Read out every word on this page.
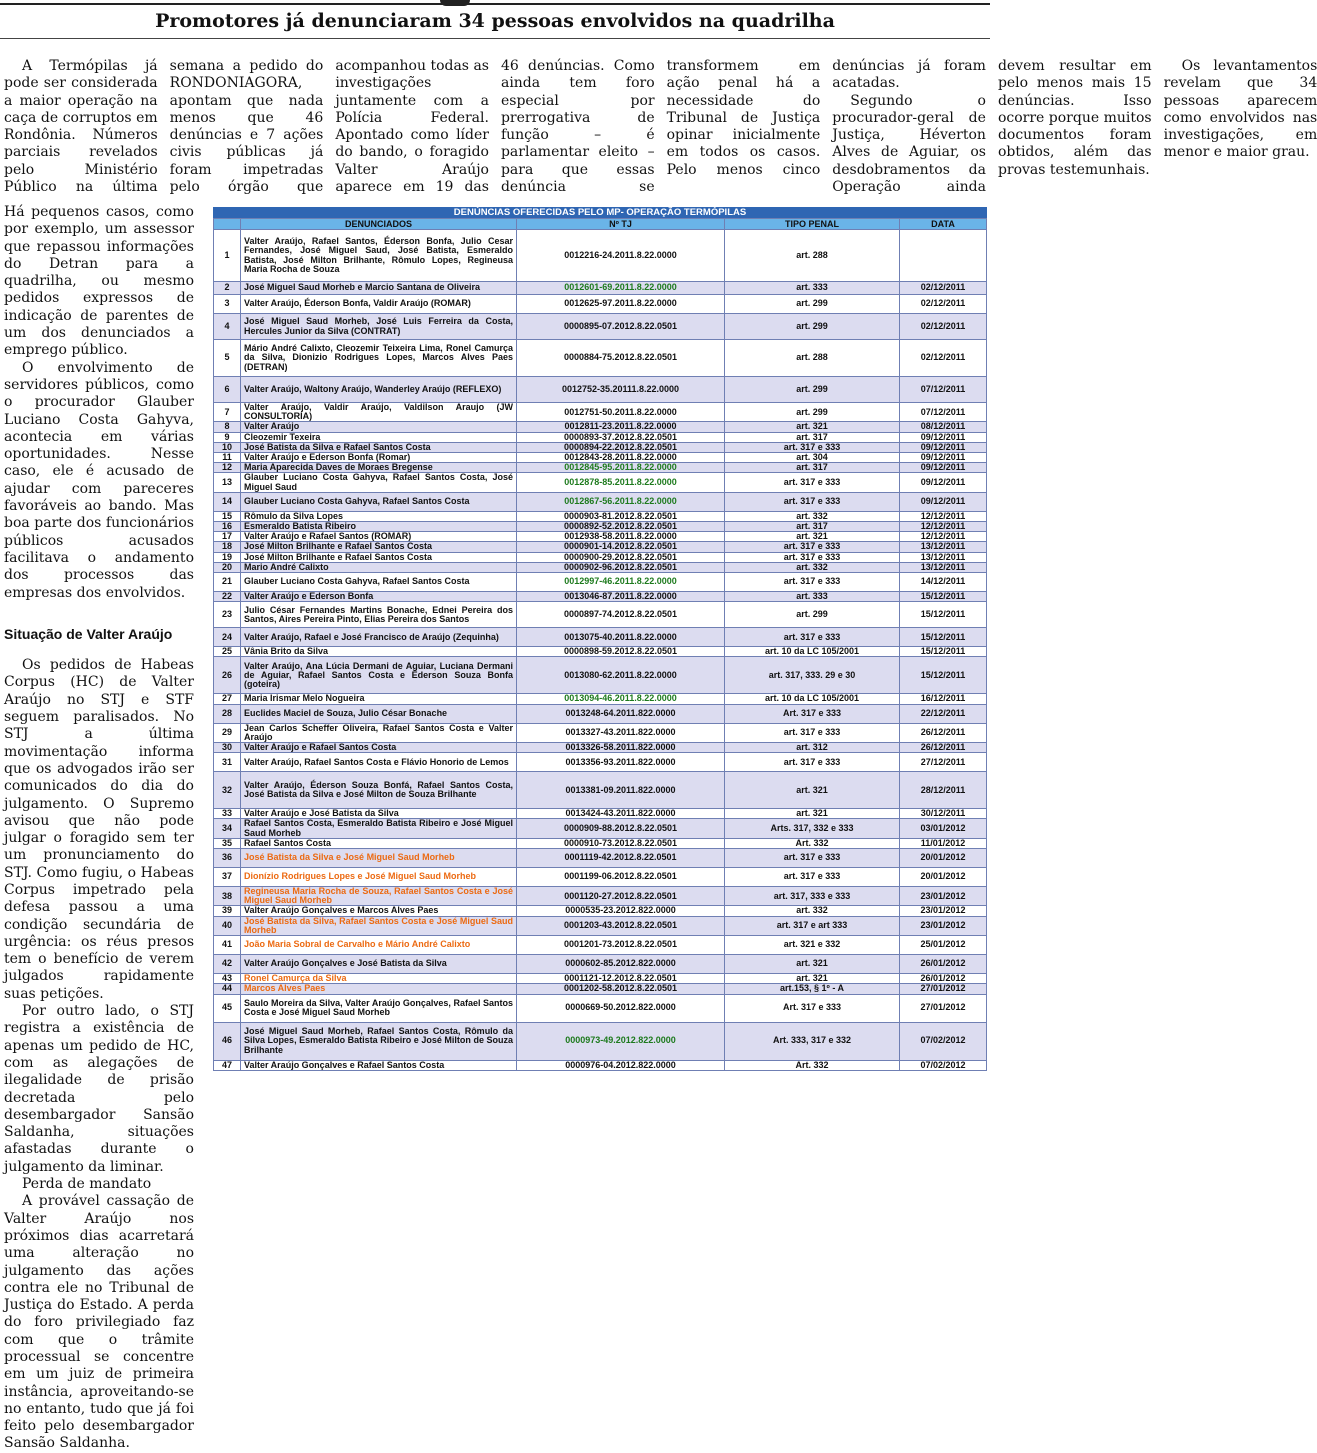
Promotores já denunciaram 34 pessoas envolvidos na quadrilha

A Termópilas já pode ser considerada a maior operação na caça de corruptos em Rondônia. Números parciais revelados pelo Ministério Público na última semana a pedido do RONDONIAGORA, apontam que nada menos que 46 denúncias e 7 ações civis públicas já foram impetradas pelo órgão que acompanhou todas as investigações juntamente com a Polícia Federal. Apontado como líder do bando, o foragido Valter Araújo aparece em 19 das 46 denúncias. Como ainda tem foro especial por prerrogativa de função – é parlamentar eleito – para que essas denúncia se transformem em ação penal há a necessidade do Tribunal de Justiça opinar inicialmente em todos os casos. Pelo menos cinco denúncias já foram acatadas.

Segundo o procurador-geral de Justiça, Héverton Alves de Aguiar, os desdobramentos da Operação ainda devem resultar em pelo menos mais 15 denúncias. Isso ocorre porque muitos documentos foram obtidos, além das provas testemunhais.

Os levantamentos revelam que 34 pessoas aparecem como envolvidos nas investigações, em menor e maior grau.

Há pequenos casos, como por exemplo, um assessor que repassou informações do Detran para a quadrilha, ou mesmo pedidos expressos de indicação de parentes de um dos denunciados a emprego público.

O envolvimento de servidores públicos, como o procurador Glauber Luciano Costa Gahyva, acontecia em várias oportunidades. Nesse caso, ele é acusado de ajudar com pareceres favoráveis ao bando. Mas boa parte dos funcionários públicos acusados facilitava o andamento dos processos das empresas dos envolvidos.

Situação de Valter Araújo

Os pedidos de Habeas Corpus (HC) de Valter Araújo no STJ e STF seguem paralisados. No STJ a última movimentação informa que os advogados irão ser comunicados do dia do julgamento. O Supremo avisou que não pode julgar o foragido sem ter um pronunciamento do STJ. Como fugiu, o Habeas Corpus impetrado pela defesa passou a uma condição secundária de urgência: os réus presos tem o benefício de verem julgados rapidamente suas petições.

Por outro lado, o STJ registra a existência de apenas um pedido de HC, com as alegações de ilegalidade de prisão decretada pelo desembargador Sansão Saldanha, situações afastadas durante o julgamento da liminar.

Perda de mandato

A provável cassação de Valter Araújo nos próximos dias acarretará uma alteração no julgamento das ações contra ele no Tribunal de Justiça do Estado. A perda do foro privilegiado faz com que o trâmite processual se concentre em um juiz de primeira instância, aproveitando-se no entanto, tudo que já foi feito pelo desembargador Sansão Saldanha.

DENÚNCIAS OFERECIDAS PELO MP- OPERAÇÃO TERMÓPILAS
	DENUNCIADOS	Nº TJ	TIPO PENAL	DATA
1	Valter Araújo, Rafael Santos, Éderson Bonfa, Julio Cesar Fernandes, José Miguel Saud, José Batista, Esmeraldo Batista, José Milton Brilhante, Rômulo Lopes, Regineusa Maria Rocha de Souza	0012216-24.2011.8.22.0000	art. 288	
2	José Miguel Saud Morheb e Marcio Santana de Oliveira	0012601-69.2011.8.22.0000	art. 333	02/12/2011
3	Valter Araújo, Éderson Bonfa, Valdir Araújo (ROMAR)	0012625-97.2011.8.22.0000	art. 299	02/12/2011
4	José Miguel Saud Morheb, José Luis Ferreira da Costa, Hercules Junior da Silva (CONTRAT)	0000895-07.2012.8.22.0501	art. 299	02/12/2011
5	Mário André Calixto, Cleozemir Teixeira Lima, Ronel Camurça da Silva, Dionizio Rodrigues Lopes, Marcos Alves Paes (DETRAN)	0000884-75.2012.8.22.0501	art. 288	02/12/2011
6	Valter Araújo, Waltony Araújo, Wanderley Araújo (REFLEXO)	0012752-35.20111.8.22.0000	art. 299	07/12/2011
7	Valter Araújo, Valdir Araújo, Valdilson Araujo (JW CONSULTORIA)	0012751-50.2011.8.22.0000	art. 299	07/12/2011
8	Valter Araújo	0012811-23.2011.8.22.0000	art. 321	08/12/2011
9	Cleozemir Texeira	0000893-37.2012.8.22.0501	art. 317	09/12/2011
10	José Batista da Silva e Rafael Santos Costa	0000894-22.2012.8.22.0501	art. 317 e 333	09/12/2011
11	Valter Araújo e Ederson Bonfa (Romar)	0012843-28.2011.8.22.0000	art. 304	09/12/2011
12	Maria Aparecida Daves de Moraes Bregense	0012845-95.2011.8.22.0000	art. 317	09/12/2011
13	Glauber Luciano Costa Gahyva, Rafael Santos Costa, José Miguel Saud	0012878-85.2011.8.22.0000	art. 317 e 333	09/12/2011
14	Glauber Luciano Costa Gahyva, Rafael Santos Costa	0012867-56.2011.8.22.0000	art. 317 e 333	09/12/2011
15	Rômulo da Silva Lopes	0000903-81.2012.8.22.0501	art. 332	12/12/2011
16	Esmeraldo Batista Ribeiro	0000892-52.2012.8.22.0501	art. 317	12/12/2011
17	Valter Araújo e Rafael Santos (ROMAR)	0012938-58.2011.8.22.0000	art. 321	12/12/2011
18	José Milton Brilhante e Rafael Santos Costa	0000901-14.2012.8.22.0501	art. 317 e 333	13/12/2011
19	José Milton Brilhante e Rafael Santos Costa	0000900-29.2012.8.22.0501	art. 317 e 333	13/12/2011
20	Mario André Calixto	0000902-96.2012.8.22.0501	art. 332	13/12/2011
21	Glauber Luciano Costa Gahyva, Rafael Santos Costa	0012997-46.2011.8.22.0000	art. 317 e 333	14/12/2011
22	Valter Araújo e Ederson Bonfa	0013046-87.2011.8.22.0000	art. 333	15/12/2011
23	Julio César Fernandes Martins Bonache, Ednei Pereira dos Santos, Aires Pereira Pinto, Elias Pereira dos Santos	0000897-74.2012.8.22.0501	art. 299	15/12/2011
24	Valter Araújo, Rafael e José Francisco de Araújo (Zequinha)	0013075-40.2011.8.22.0000	art. 317 e 333	15/12/2011
25	Vânia Brito da Silva	0000898-59.2012.8.22.0501	art. 10 da LC 105/2001	15/12/2011
26	Valter Araújo, Ana Lúcia Dermani de Aguiar, Luciana Dermani de Aguiar, Rafael Santos Costa e Éderson Souza Bonfa (goteira)	0013080-62.2011.8.22.0000	art. 317, 333. 29 e 30	15/12/2011
27	Maria Irismar Melo Nogueira	0013094-46.2011.8.22.0000	art. 10 da LC 105/2001	16/12/2011
28	Euclides Maciel de Souza, Julio César Bonache	0013248-64.2011.822.0000	Art. 317 e 333	22/12/2011
29	Jean Carlos Scheffer Oliveira, Rafael Santos Costa e Valter Araújo	0013327-43.2011.822.0000	art. 317 e 333	26/12/2011
30	Valter Araújo e Rafael Santos Costa	0013326-58.2011.822.0000	art. 312	26/12/2011
31	Valter Araújo, Rafael Santos Costa e Flávio Honorio de Lemos	0013356-93.2011.822.0000	art. 317 e 333	27/12/2011
32	Valter Araújo, Éderson Souza Bonfá, Rafael Santos Costa, José Batista da Silva e José Milton de Souza Brilhante	0013381-09.2011.822.0000	art. 321	28/12/2011
33	Valter Araújo e José Batista da Silva	0013424-43.2011.822.0000	art. 321	30/12/2011
34	Rafael Santos Costa, Esmeraldo Batista Ribeiro e José Miguel Saud Morheb	0000909-88.2012.8.22.0501	Arts. 317, 332 e 333	03/01/2012
35	Rafael Santos Costa	0000910-73.2012.8.22.0501	Art. 332	11/01/2012
36	José Batista da Silva e José Miguel Saud Morheb	0001119-42.2012.8.22.0501	art. 317 e 333	20/01/2012
37	Dionízio Rodrigues Lopes e José Miguel Saud Morheb	0001199-06.2012.8.22.0501	art. 317 e 333	20/01/2012
38	Regineusa Maria Rocha de Souza, Rafael Santos Costa e José Miguel Saud Morheb	0001120-27.2012.8.22.0501	art. 317, 333 e 333	23/01/2012
39	Valter Araújo Gonçalves e Marcos Alves Paes	0000535-23.2012.822.0000	art. 332	23/01/2012
40	José Batista da Silva, Rafael Santos Costa e José Miguel Saud Morheb	0001203-43.2012.8.22.0501	art. 317 e art 333	23/01/2012
41	João Maria Sobral de Carvalho e Mário André Calixto	0001201-73.2012.8.22.0501	art. 321 e 332	25/01/2012
42	Valter Araújo Gonçalves e José Batista da Silva	0000602-85.2012.822.0000	art. 321	26/01/2012
43	Ronel Camurça da Silva	0001121-12.2012.8.22.0501	art. 321	26/01/2012
44	Marcos Alves Paes	0001202-58.2012.8.22.0501	art.153, § 1º - A	27/01/2012
45	Saulo Moreira da Silva, Valter Araújo Gonçalves, Rafael Santos Costa e José Miguel Saud Morheb	0000669-50.2012.822.0000	Art. 317 e 333	27/01/2012
46	José Miguel Saud Morheb, Rafael Santos Costa, Rômulo da Silva Lopes, Esmeraldo Batista Ribeiro e José Milton de Souza Brilhante	0000973-49.2012.822.0000	Art. 333, 317 e 332	07/02/2012
47	Valter Araújo Gonçalves e Rafael Santos Costa	0000976-04.2012.822.0000	Art. 332	07/02/2012
